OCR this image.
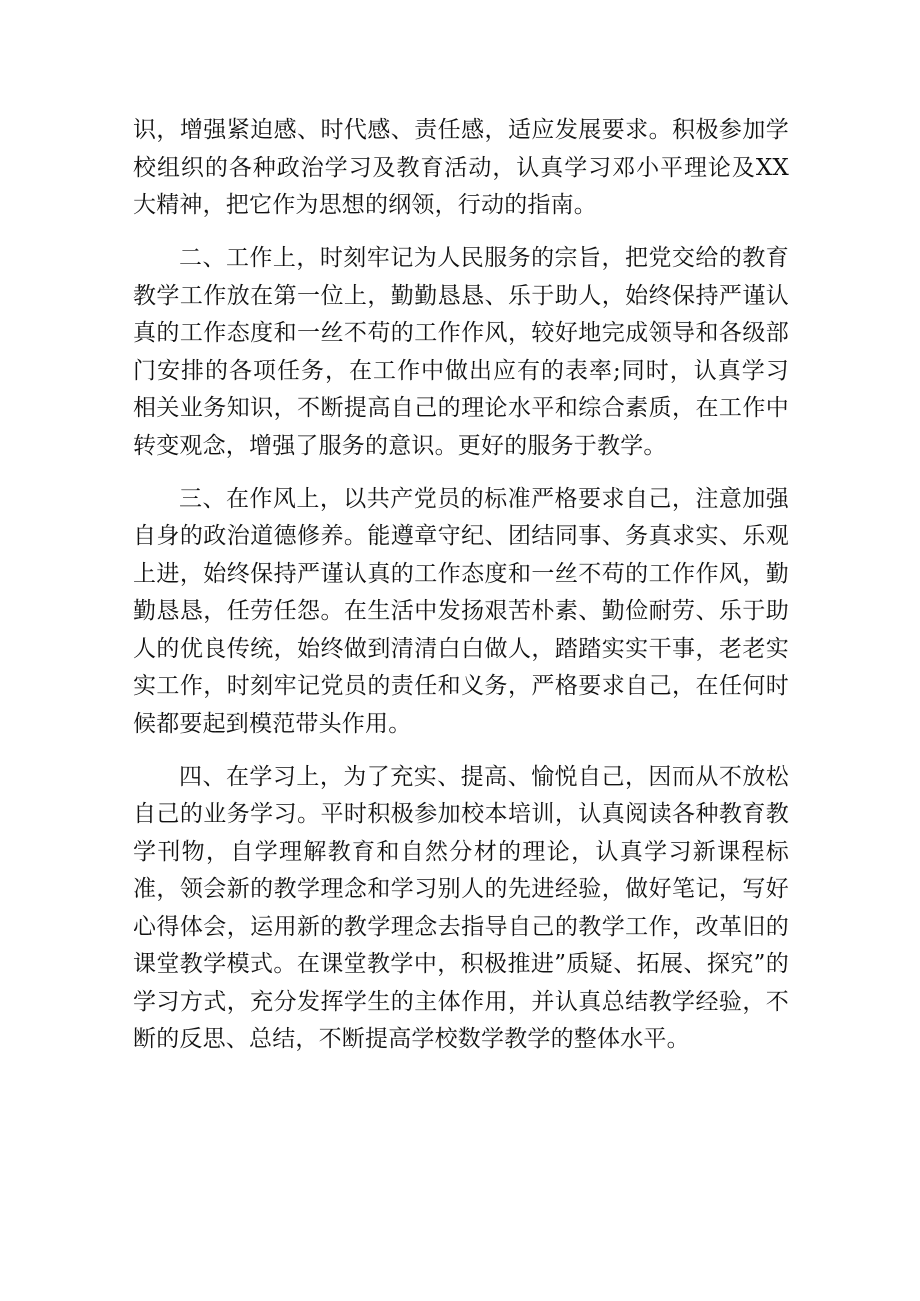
识，增强紧迫感、时代感、责任感，适应发展要求。积极参加学校组织的各种政治学习及教育活动，认真学习邓小平理论及XX大精神，把它作为思想的纲领，行动的指南。

二、工作上，时刻牢记为人民服务的宗旨，把党交给的教育教学工作放在第一位上，勤勤恳恳、乐于助人，始终保持严谨认真的工作态度和一丝不苟的工作作风，较好地完成领导和各级部门安排的各项任务，在工作中做出应有的表率;同时，认真学习相关业务知识，不断提高自己的理论水平和综合素质，在工作中转变观念，增强了服务的意识。更好的服务于教学。

三、在作风上，以共产党员的标准严格要求自己，注意加强自身的政治道德修养。能遵章守纪、团结同事、务真求实、乐观上进，始终保持严谨认真的工作态度和一丝不苟的工作作风，勤勤恳恳，任劳任怨。在生活中发扬艰苦朴素、勤俭耐劳、乐于助人的优良传统，始终做到清清白白做人，踏踏实实干事，老老实实工作，时刻牢记党员的责任和义务，严格要求自己，在任何时候都要起到模范带头作用。

四、在学习上，为了充实、提高、愉悦自己，因而从不放松自己的业务学习。平时积极参加校本培训，认真阅读各种教育教学刊物，自学理解教育和自然分材的理论，认真学习新课程标准，领会新的教学理念和学习别人的先进经验，做好笔记，写好心得体会，运用新的教学理念去指导自己的教学工作，改革旧的课堂教学模式。在课堂教学中，积极推进”质疑、拓展、探究”的学习方式，充分发挥学生的主体作用，并认真总结教学经验，不断的反思、总结，不断提高学校数学教学的整体水平。
